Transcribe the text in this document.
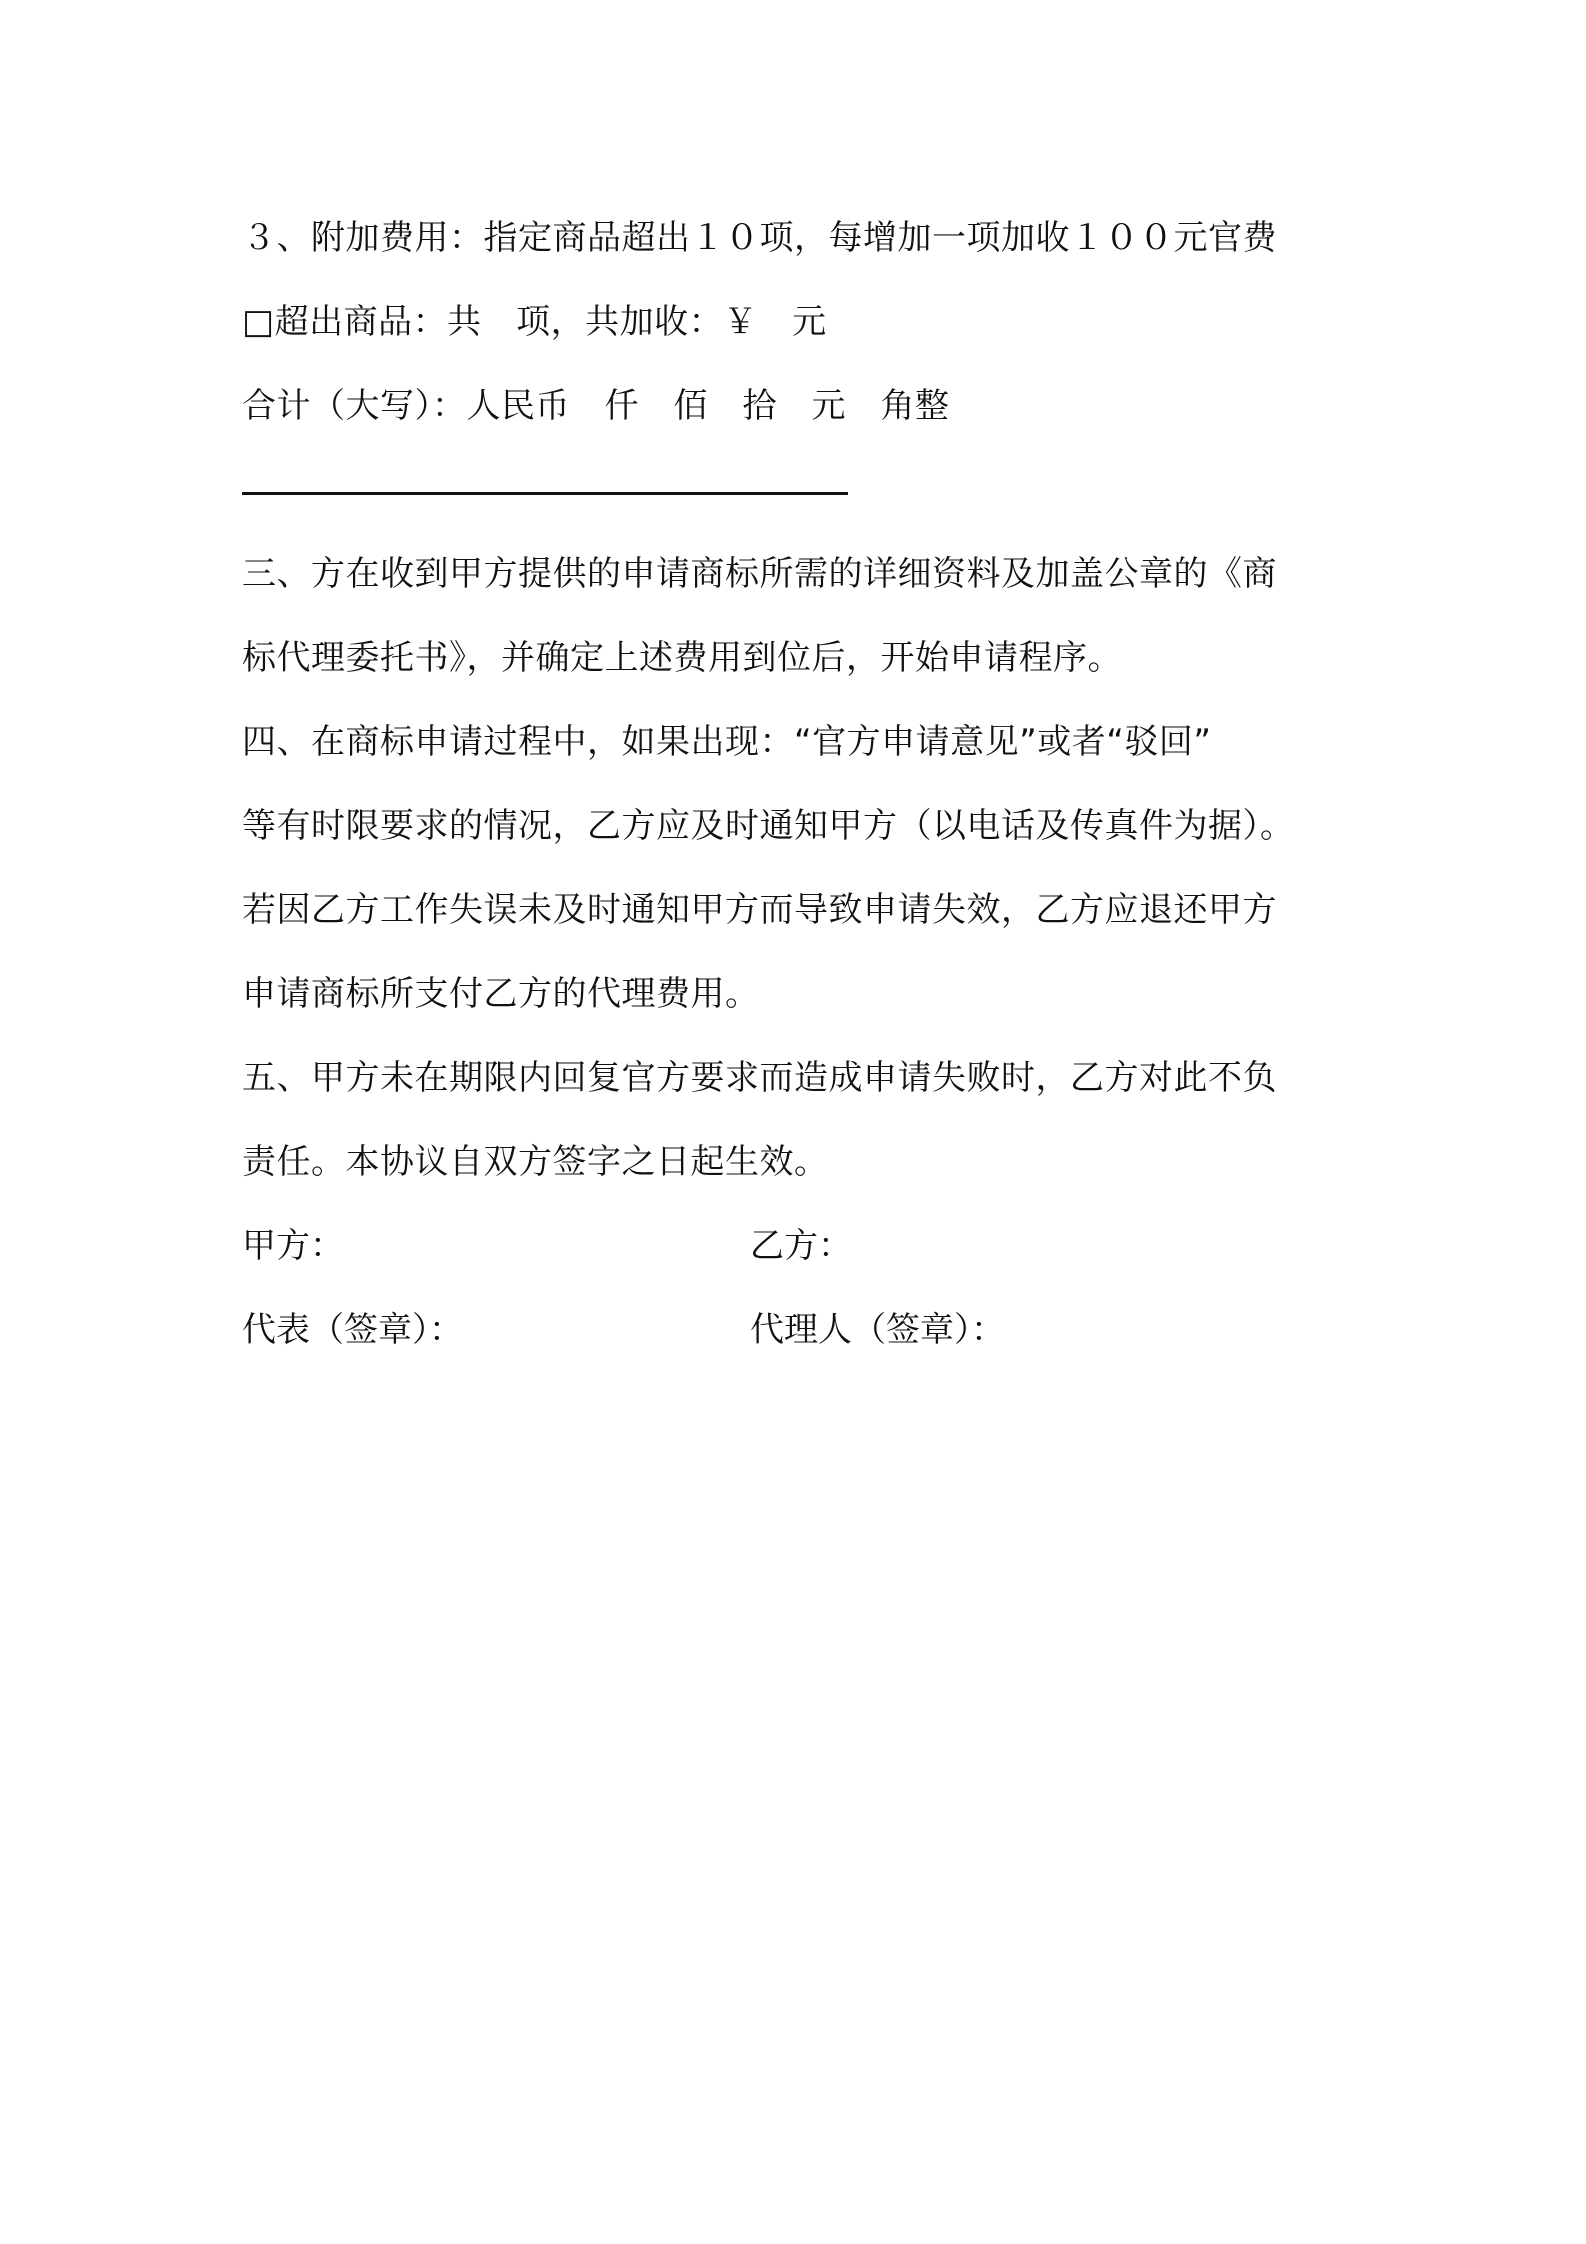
３、附加费用：指定商品超出１０项，每增加一项加收１００元官费
□超出商品：共　项，共加收：￥　元
合计（大写）：人民币　仟　佰　拾　元　角整
三、方在收到甲方提供的申请商标所需的详细资料及加盖公章的《商
标代理委托书》，并确定上述费用到位后，开始申请程序。
四、在商标申请过程中，如果出现：“官方申请意见”或者“驳回”
等有时限要求的情况，乙方应及时通知甲方（以电话及传真件为据）。
若因乙方工作失误未及时通知甲方而导致申请失效，乙方应退还甲方
申请商标所支付乙方的代理费用。
五、甲方未在期限内回复官方要求而造成申请失败时，乙方对此不负
责任。本协议自双方签字之日起生效。
甲方：	乙方：
代表（签章）：	代理人（签章）：
